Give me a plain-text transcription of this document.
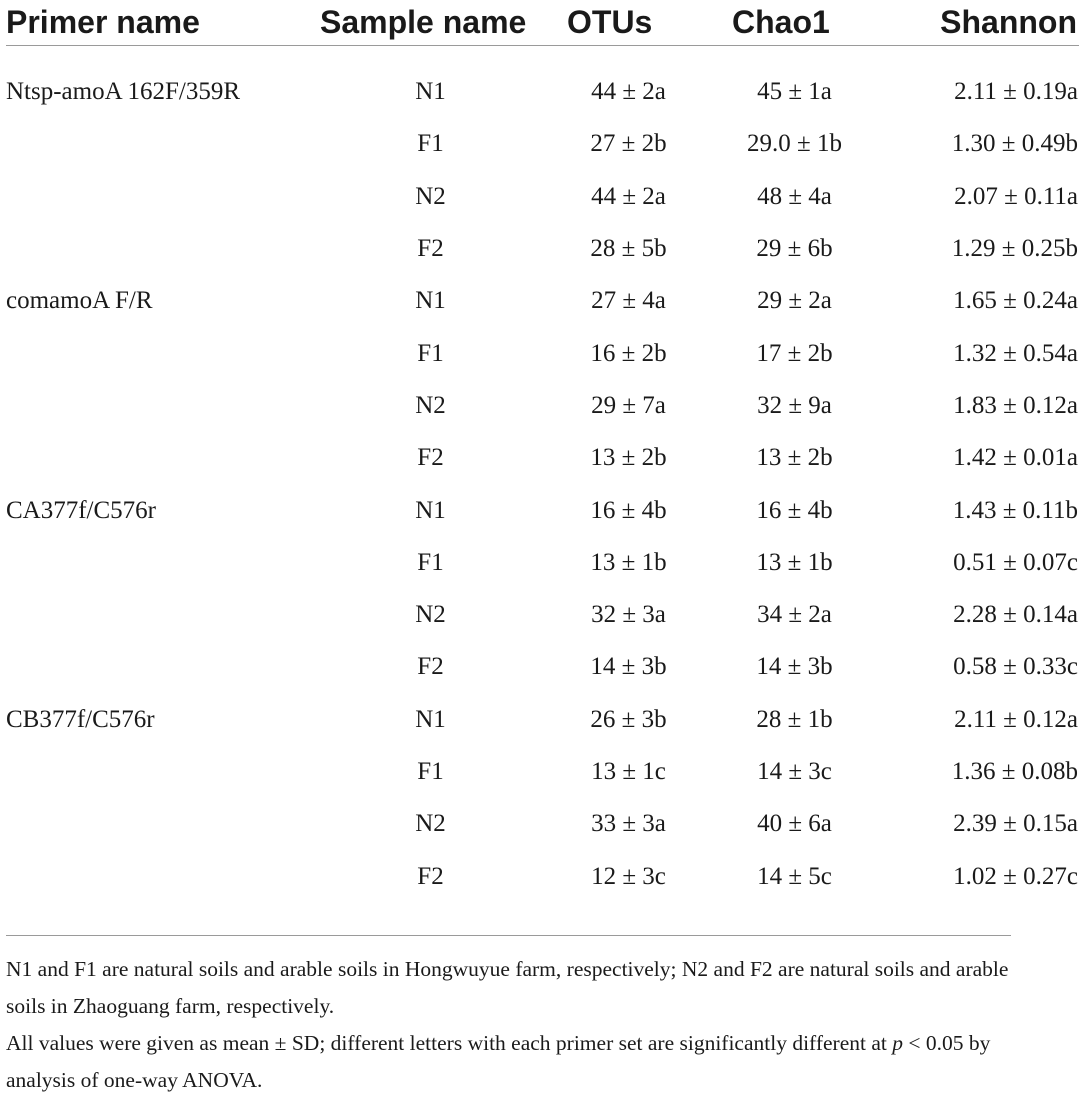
Primer name	Sample name	OTUs	Chao1	Shannon

Ntsp-amoA 162F/359R	N1	44 ± 2a	45 ± 1a	2.11 ± 0.19a
	F1	27 ± 2b	29.0 ± 1b	1.30 ± 0.49b
	N2	44 ± 2a	48 ± 4a	2.07 ± 0.11a
	F2	28 ± 5b	29 ± 6b	1.29 ± 0.25b
comamoA F/R	N1	27 ± 4a	29 ± 2a	1.65 ± 0.24a
	F1	16 ± 2b	17 ± 2b	1.32 ± 0.54a
	N2	29 ± 7a	32 ± 9a	1.83 ± 0.12a
	F2	13 ± 2b	13 ± 2b	1.42 ± 0.01a
CA377f/C576r	N1	16 ± 4b	16 ± 4b	1.43 ± 0.11b
	F1	13 ± 1b	13 ± 1b	0.51 ± 0.07c
	N2	32 ± 3a	34 ± 2a	2.28 ± 0.14a
	F2	14 ± 3b	14 ± 3b	0.58 ± 0.33c
CB377f/C576r	N1	26 ± 3b	28 ± 1b	2.11 ± 0.12a
	F1	13 ± 1c	14 ± 3c	1.36 ± 0.08b
	N2	33 ± 3a	40 ± 6a	2.39 ± 0.15a
	F2	12 ± 3c	14 ± 5c	1.02 ± 0.27c

N1 and F1 are natural soils and arable soils in Hongwuyue farm, respectively; N2 and F2 are natural soils and arable soils in Zhaoguang farm, respectively.

All values were given as mean ± SD; different letters with each primer set are significantly different at p < 0.05 by analysis of one-way ANOVA.
